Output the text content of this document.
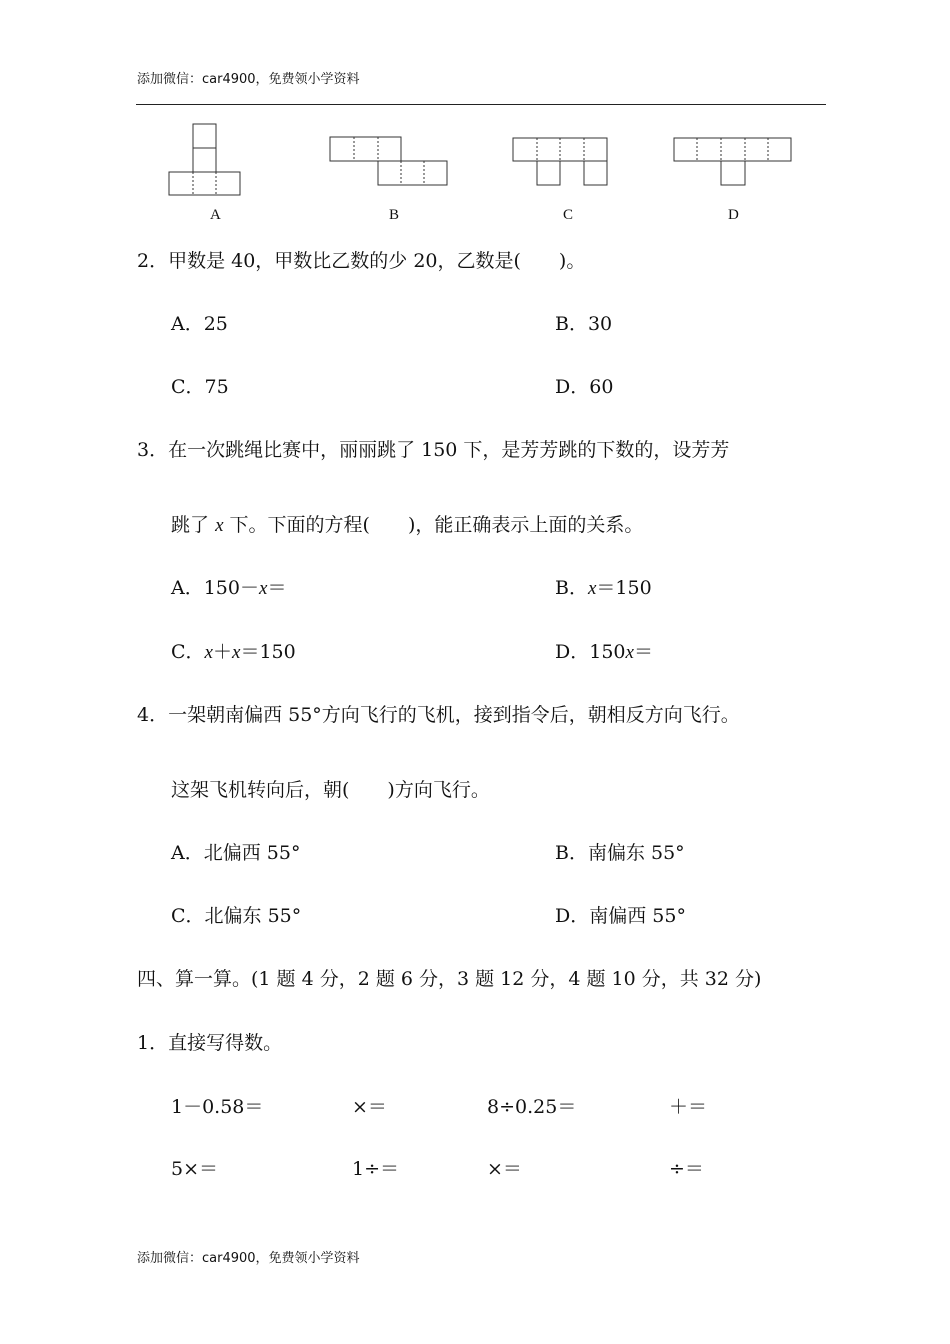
添加微信：car4900，免费领小学资料
A	B	C	D
2．甲数是 40，甲数比乙数的少 20，乙数是(　　)。
A．25	B．30
C．75	D．60
3．在一次跳绳比赛中，丽丽跳了 150 下，是芳芳跳的下数的，设芳芳
跳了 x 下。下面的方程(　　)，能正确表示上面的关系。
A．150－x＝	B．x＝150
C．x＋x＝150	D．150x＝
4．一架朝南偏西 55°方向飞行的飞机，接到指令后，朝相反方向飞行。
这架飞机转向后，朝(　　)方向飞行。
A．北偏西 55°	B．南偏东 55°
C．北偏东 55°	D．南偏西 55°
四、算一算。(1 题 4 分，2 题 6 分，3 题 12 分，4 题 10 分，共 32 分)
1．直接写得数。
1－0.58＝	×＝	8÷0.25＝	＋＝
5×＝	1÷＝	×＝	÷＝
添加微信：car4900，免费领小学资料
